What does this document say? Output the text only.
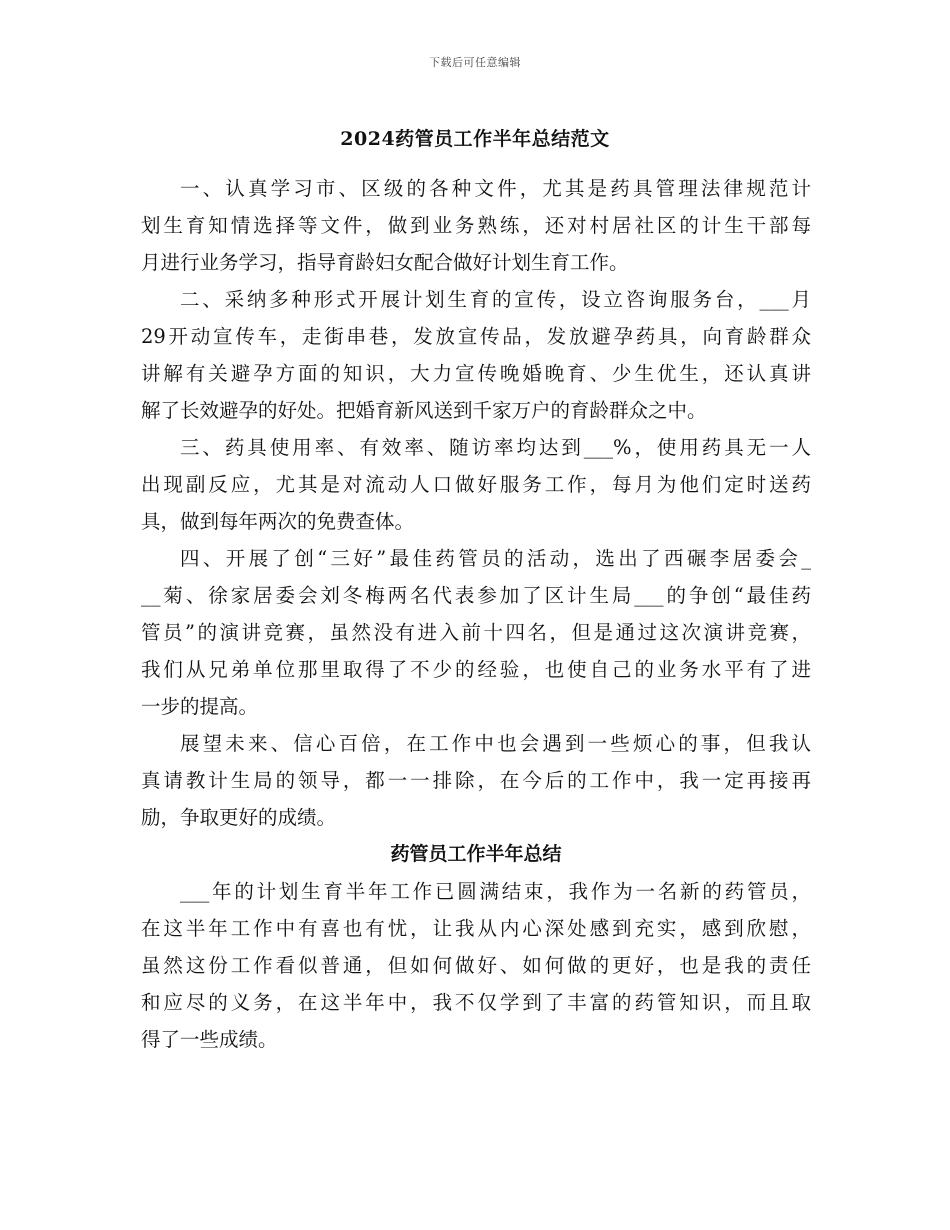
下载后可任意编辑
2024药管员工作半年总结范文
一、认真学习市、区级的各种文件，尤其是药具管理法律规范计
划生育知情选择等文件，做到业务熟练，还对村居社区的计生干部每
月进行业务学习，指导育龄妇女配合做好计划生育工作。
二、采纳多种形式开展计划生育的宣传，设立咨询服务台，___月
29开动宣传车，走街串巷，发放宣传品，发放避孕药具，向育龄群众
讲解有关避孕方面的知识，大力宣传晚婚晚育、少生优生，还认真讲
解了长效避孕的好处。把婚育新风送到千家万户的育龄群众之中。
三、药具使用率、有效率、随访率均达到___%，使用药具无一人
出现副反应，尤其是对流动人口做好服务工作，每月为他们定时送药
具，做到每年两次的免费查体。
四、开展了创“三好”最佳药管员的活动，选出了西碾李居委会_
__菊、徐家居委会刘冬梅两名代表参加了区计生局___的争创“最佳药
管员”的演讲竞赛，虽然没有进入前十四名，但是通过这次演讲竞赛，
我们从兄弟单位那里取得了不少的经验，也使自己的业务水平有了进
一步的提高。
展望未来、信心百倍，在工作中也会遇到一些烦心的事，但我认
真请教计生局的领导，都一一排除，在今后的工作中，我一定再接再
励，争取更好的成绩。
药管员工作半年总结
___年的计划生育半年工作已圆满结束，我作为一名新的药管员，
在这半年工作中有喜也有忧，让我从内心深处感到充实，感到欣慰，
虽然这份工作看似普通，但如何做好、如何做的更好，也是我的责任
和应尽的义务，在这半年中，我不仅学到了丰富的药管知识，而且取
得了一些成绩。
